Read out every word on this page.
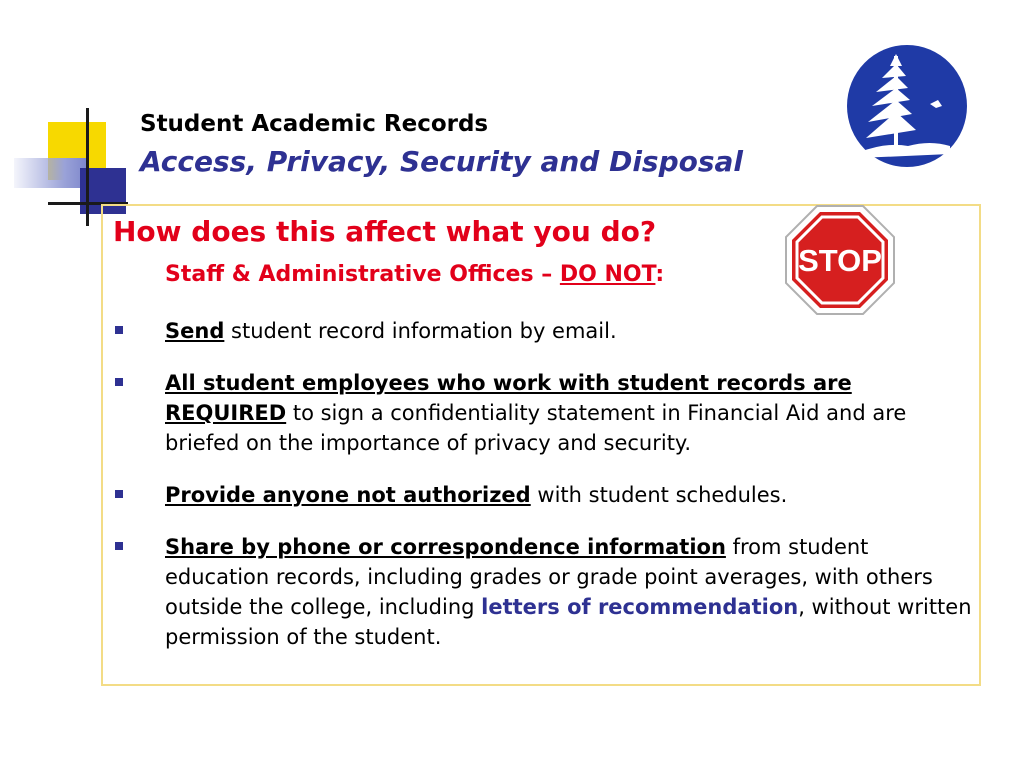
Student Academic Records
Access, Privacy, Security and Disposal
How does this affect what you do?
Staff & Administrative Offices – DO NOT:	STOP
Send student record information by email.
All student employees who work with student records are REQUIRED to sign a confidentiality statement in Financial Aid and are briefed on the importance of privacy and security.
Provide anyone not authorized with student schedules.
Share by phone or correspondence information from student education records, including grades or grade point averages, with others outside the college, including letters of recommendation, without written permission of the student.
